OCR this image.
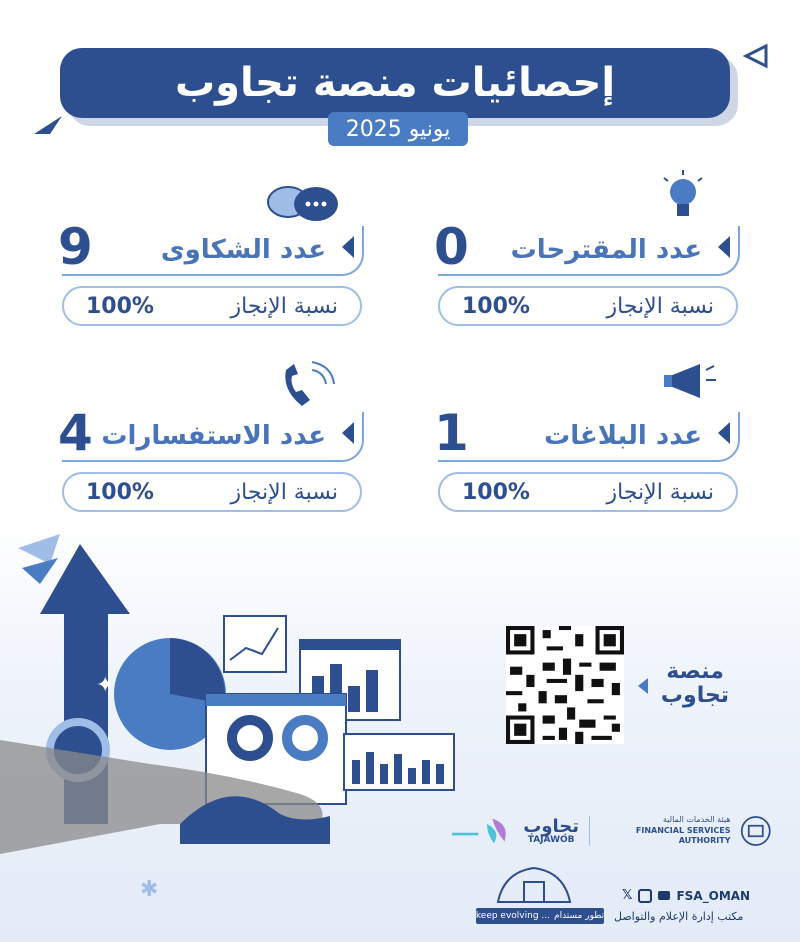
إحصائيات منصة تجاوب
يونيو 2025
عدد المقترحات
0
نسبة الإنجاز
100%
عدد الشكاوى
9
نسبة الإنجاز
100%
عدد البلاغات
1
نسبة الإنجاز
100%
عدد الاستفسارات
4
نسبة الإنجاز
100%
✦
✱
منصة
تجاوب
تجاوب
TAJAWOB
هيئة الخدمات المالية
FINANCIAL SERVICES AUTHORITY
𝕏	FSA_OMAN
مكتب إدارة الإعلام والتواصل
keep evolving ... تطور مستدام
